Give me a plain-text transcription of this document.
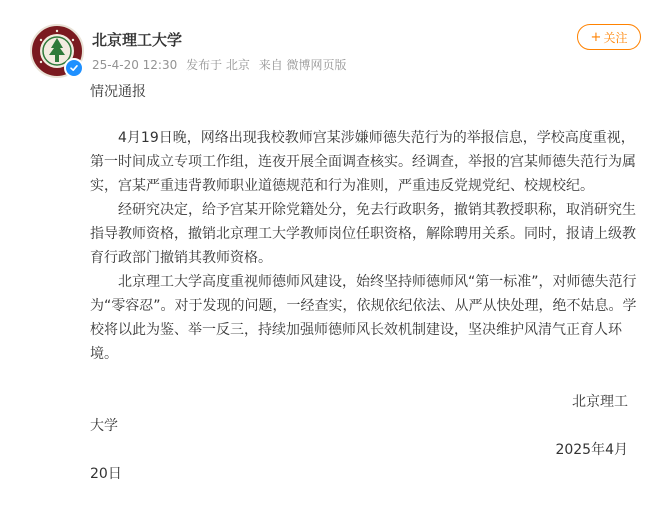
北京理工大学
25-4-20 12:30 发布于 北京 来自 微博网页版
+ 关注

情况通报

4月19日晚，网络出现我校教师宫某涉嫌师德失范行为的举报信息，学校高度重视，第一时间成立专项工作组，连夜开展全面调查核实。经调查，举报的宫某师德失范行为属实，宫某严重违背教师职业道德规范和行为准则，严重违反党规党纪、校规校纪。

经研究决定，给予宫某开除党籍处分，免去行政职务，撤销其教授职称，取消研究生指导教师资格，撤销北京理工大学教师岗位任职资格，解除聘用关系。同时，报请上级教育行政部门撤销其教师资格。

北京理工大学高度重视师德师风建设，始终坚持师德师风“第一标准”，对师德失范行为“零容忍”。对于发现的问题，一经查实，依规依纪依法、从严从快处理，绝不姑息。学校将以此为鉴、举一反三，持续加强师德师风长效机制建设，坚决维护风清气正育人环境。

北京理工

大学

2025年4月

20日
